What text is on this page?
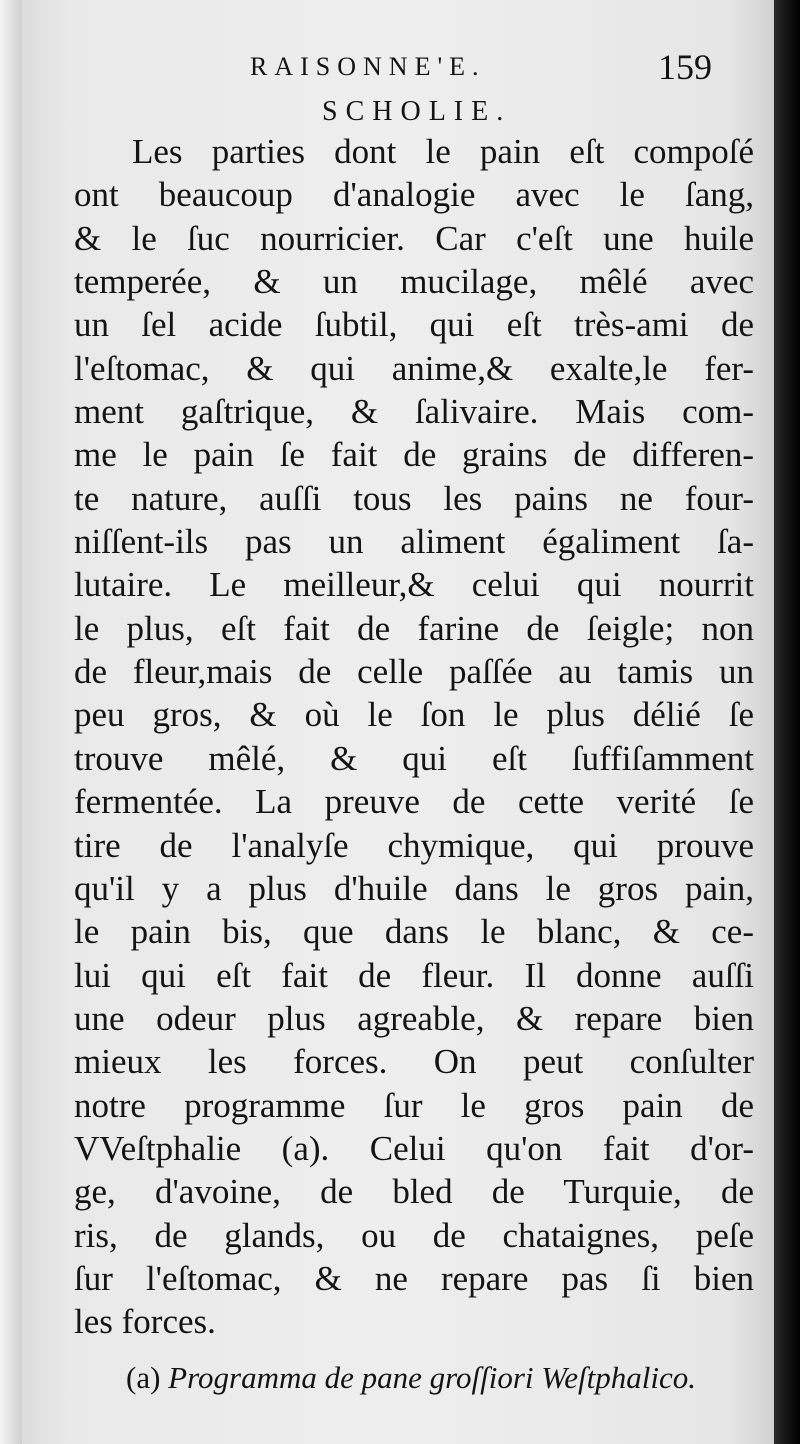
RAISONNE'E.	159
SCHOLIE.
Les parties dont le pain eſt compoſé
ont beaucoup d'analogie avec le ſang,
& le ſuc nourricier. Car c'eſt une huile
temperée, & un mucilage, mêlé avec
un ſel acide ſubtil, qui eſt très-ami de
l'eſtomac, & qui anime,& exalte,le fer-
ment gaſtrique, & ſalivaire. Mais com-
me le pain ſe fait de grains de differen-
te nature, auſſi tous les pains ne four-
niſſent-ils pas un aliment égaliment ſa-
lutaire. Le meilleur,& celui qui nourrit
le plus, eſt fait de farine de ſeigle; non
de fleur,mais de celle paſſée au tamis un
peu gros, & où le ſon le plus délié ſe
trouve mêlé, & qui eſt ſuffiſamment
fermentée. La preuve de cette verité ſe
tire de l'analyſe chymique, qui prouve
qu'il y a plus d'huile dans le gros pain,
le pain bis, que dans le blanc, & ce-
lui qui eſt fait de fleur. Il donne auſſi
une odeur plus agreable, & repare bien
mieux les forces. On peut conſulter
notre programme ſur le gros pain de
VVeſtphalie (a). Celui qu'on fait d'or-
ge, d'avoine, de bled de Turquie, de
ris, de glands, ou de chataignes, peſe
ſur l'eſtomac, & ne repare pas ſi bien
les forces.
(a) Programma de pane groſſiori Weſtphalico.
